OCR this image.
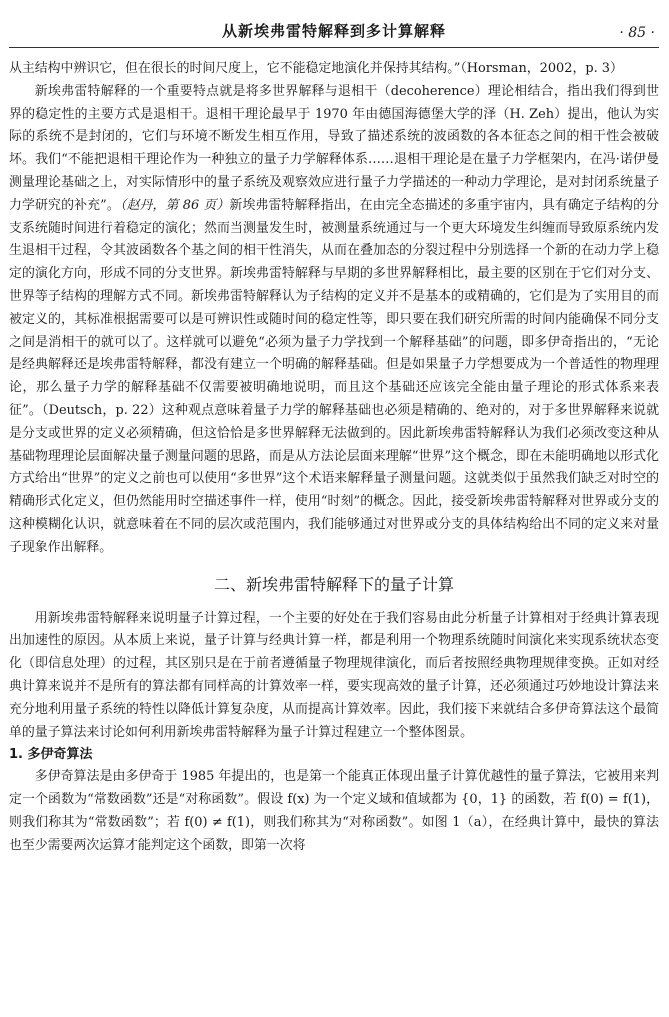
从新埃弗雷特解释到多计算解释	· 85 ·

从主结构中辨识它，但在很长的时间尺度上，它不能稳定地演化并保持其结构。”（Horsman，2002，p. 3）

新埃弗雷特解释的一个重要特点就是将多世界解释与退相干（decoherence）理论相结合，指出我们得到世界的稳定性的主要方式是退相干。退相干理论最早于 1970 年由德国海德堡大学的泽（H. Zeh）提出，他认为实际的系统不是封闭的，它们与环境不断发生相互作用，导致了描述系统的波函数的各本征态之间的相干性会被破坏。我们“不能把退相干理论作为一种独立的量子力学解释体系……退相干理论是在量子力学框架内，在冯·诺伊曼测量理论基础之上，对实际情形中的量子系统及观察效应进行量子力学描述的一种动力学理论，是对封闭系统量子力学研究的补充”。（赵丹，第 86 页）新埃弗雷特解释指出，在由完全态描述的多重宇宙内，具有确定子结构的分支系统随时间进行着稳定的演化；然而当测量发生时，被测量系统通过与一个更大环境发生纠缠而导致原系统内发生退相干过程，令其波函数各个基之间的相干性消失，从而在叠加态的分裂过程中分别选择一个新的在动力学上稳定的演化方向，形成不同的分支世界。新埃弗雷特解释与早期的多世界解释相比，最主要的区别在于它们对分支、世界等子结构的理解方式不同。新埃弗雷特解释认为子结构的定义并不是基本的或精确的，它们是为了实用目的而被定义的，其标准根据需要可以是可辨识性或随时间的稳定性等，即只要在我们研究所需的时间内能确保不同分支之间是消相干的就可以了。这样就可以避免“必须为量子力学找到一个解释基础”的问题，即多伊奇指出的，“无论是经典解释还是埃弗雷特解释，都没有建立一个明确的解释基础。但是如果量子力学想要成为一个普适性的物理理论，那么量子力学的解释基础不仅需要被明确地说明，而且这个基础还应该完全能由量子理论的形式体系来表征”。（Deutsch，p. 22）这种观点意味着量子力学的解释基础也必须是精确的、绝对的，对于多世界解释来说就是分支或世界的定义必须精确，但这恰恰是多世界解释无法做到的。因此新埃弗雷特解释认为我们必须改变这种从基础物理理论层面解决量子测量问题的思路，而是从方法论层面来理解“世界”这个概念，即在未能明确地以形式化方式给出“世界”的定义之前也可以使用“多世界”这个术语来解释量子测量问题。这就类似于虽然我们缺乏对时空的精确形式化定义，但仍然能用时空描述事件一样，使用“时刻”的概念。因此，接受新埃弗雷特解释对世界或分支的这种模糊化认识，就意味着在不同的层次或范围内，我们能够通过对世界或分支的具体结构给出不同的定义来对量子现象作出解释。

二、新埃弗雷特解释下的量子计算

用新埃弗雷特解释来说明量子计算过程，一个主要的好处在于我们容易由此分析量子计算相对于经典计算表现出加速性的原因。从本质上来说，量子计算与经典计算一样，都是利用一个物理系统随时间演化来实现系统状态变化（即信息处理）的过程，其区别只是在于前者遵循量子物理规律演化，而后者按照经典物理规律变换。正如对经典计算来说并不是所有的算法都有同样高的计算效率一样，要实现高效的量子计算，还必须通过巧妙地设计算法来充分地利用量子系统的特性以降低计算复杂度，从而提高计算效率。因此，我们接下来就结合多伊奇算法这个最简单的量子算法来讨论如何利用新埃弗雷特解释为量子计算过程建立一个整体图景。

1. 多伊奇算法

多伊奇算法是由多伊奇于 1985 年提出的，也是第一个能真正体现出量子计算优越性的量子算法，它被用来判定一个函数为“常数函数”还是“对称函数”。假设 f(x) 为一个定义域和值域都为 {0，1} 的函数，若 f(0) = f(1)，则我们称其为“常数函数”；若 f(0) ≠ f(1)，则我们称其为“对称函数”。如图 1（a），在经典计算中，最快的算法也至少需要两次运算才能判定这个函数，即第一次将
